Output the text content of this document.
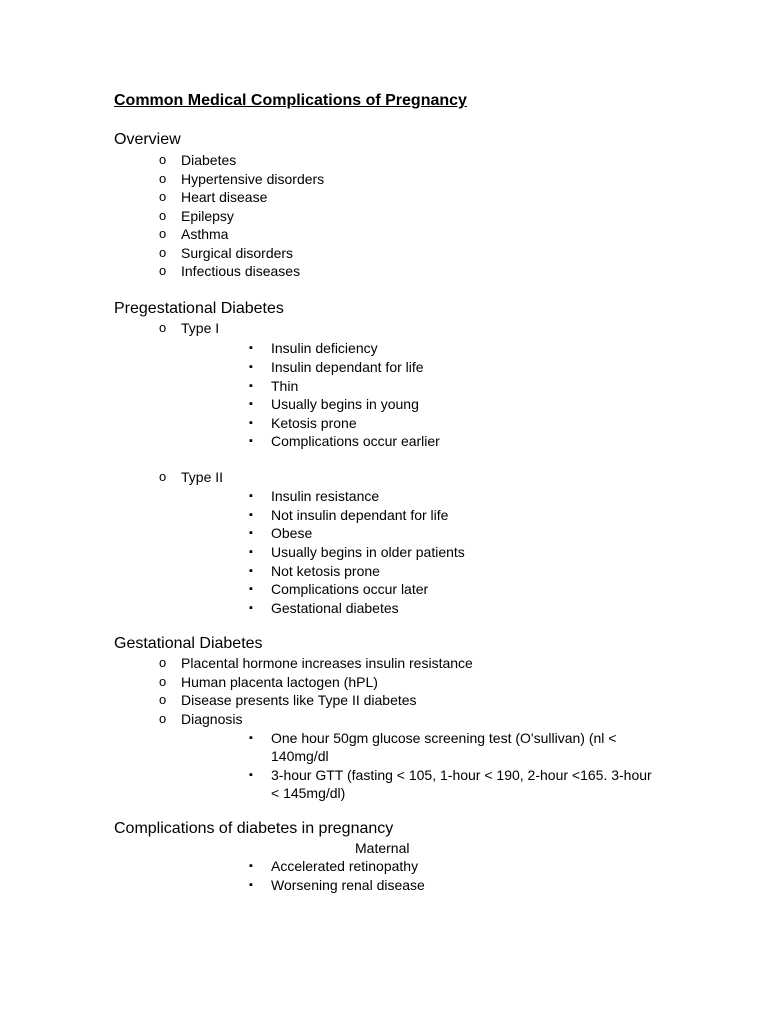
Common Medical Complications of Pregnancy
Overview
o Diabetes
o Hypertensive disorders
o Heart disease
o Epilepsy
o Asthma
o Surgical disorders
o Infectious diseases
Pregestational Diabetes
o Type I
▪ Insulin deficiency
▪ Insulin dependant for life
▪ Thin
▪ Usually begins in young
▪ Ketosis prone
▪ Complications occur earlier
o Type II
▪ Insulin resistance
▪ Not insulin dependant for life
▪ Obese
▪ Usually begins in older patients
▪ Not ketosis prone
▪ Complications occur later
▪ Gestational diabetes
Gestational Diabetes
o Placental hormone increases insulin resistance
o Human placenta lactogen (hPL)
o Disease presents like Type II diabetes
o Diagnosis
▪ One hour 50gm glucose screening test (O'sullivan) (nl < 140mg/dl
▪ 3-hour GTT (fasting < 105, 1-hour < 190, 2-hour <165. 3-hour < 145mg/dl)
Complications of diabetes in pregnancy
Maternal
▪ Accelerated retinopathy
▪ Worsening renal disease
